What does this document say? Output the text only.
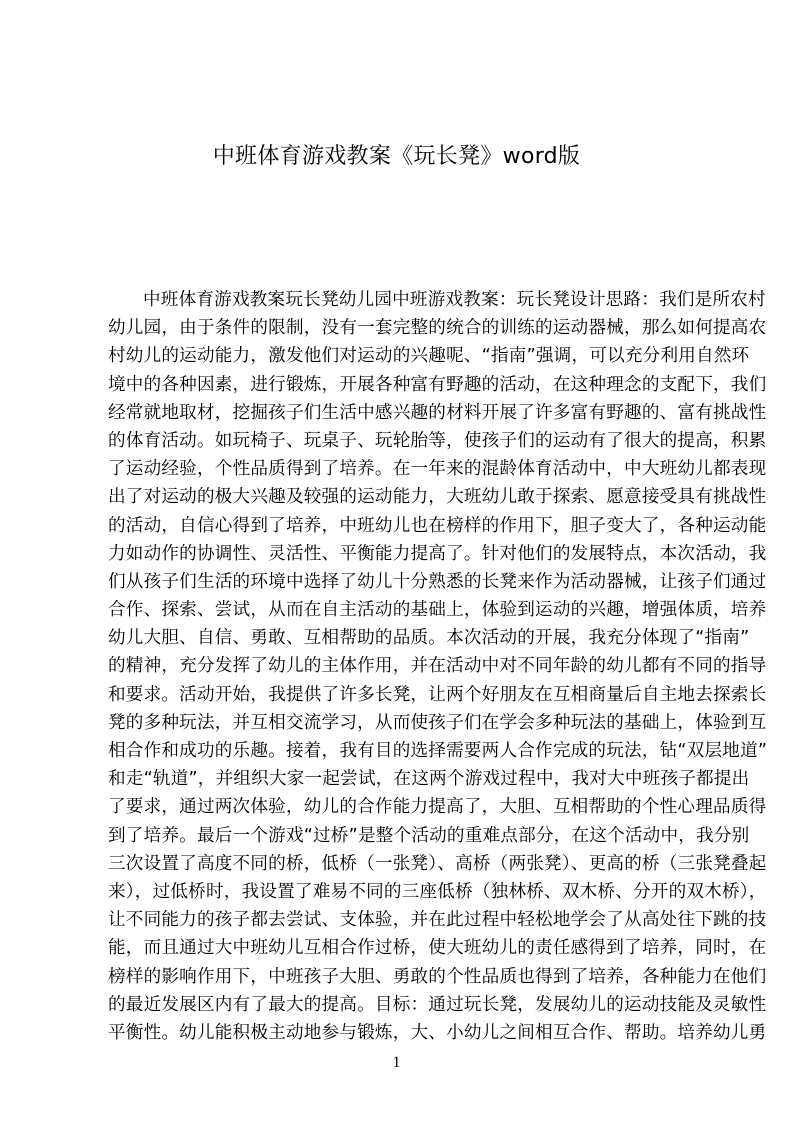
中班体育游戏教案《玩长凳》word版
中班体育游戏教案玩长凳幼儿园中班游戏教案：玩长凳设计思路：我们是所农村
幼儿园，由于条件的限制，没有一套完整的统合的训练的运动器械，那么如何提高农
村幼儿的运动能力，激发他们对运动的兴趣呢、“指南”强调，可以充分利用自然环
境中的各种因素，进行锻炼，开展各种富有野趣的活动，在这种理念的支配下，我们
经常就地取材，挖掘孩子们生活中感兴趣的材料开展了许多富有野趣的、富有挑战性
的体育活动。如玩椅子、玩桌子、玩轮胎等，使孩子们的运动有了很大的提高，积累
了运动经验，个性品质得到了培养。在一年来的混龄体育活动中，中大班幼儿都表现
出了对运动的极大兴趣及较强的运动能力，大班幼儿敢于探索、愿意接受具有挑战性
的活动，自信心得到了培养，中班幼儿也在榜样的作用下，胆子变大了，各种运动能
力如动作的协调性、灵活性、平衡能力提高了。针对他们的发展特点，本次活动，我
们从孩子们生活的环境中选择了幼儿十分熟悉的长凳来作为活动器械，让孩子们通过
合作、探索、尝试，从而在自主活动的基础上，体验到运动的兴趣，增强体质，培养
幼儿大胆、自信、勇敢、互相帮助的品质。本次活动的开展，我充分体现了“指南”
的精神，充分发挥了幼儿的主体作用，并在活动中对不同年龄的幼儿都有不同的指导
和要求。活动开始，我提供了许多长凳，让两个好朋友在互相商量后自主地去探索长
凳的多种玩法，并互相交流学习，从而使孩子们在学会多种玩法的基础上，体验到互
相合作和成功的乐趣。接着，我有目的选择需要两人合作完成的玩法，钻“双层地道”
和走“轨道”，并组织大家一起尝试，在这两个游戏过程中，我对大中班孩子都提出
了要求，通过两次体验，幼儿的合作能力提高了，大胆、互相帮助的个性心理品质得
到了培养。最后一个游戏“过桥”是整个活动的重难点部分，在这个活动中，我分别
三次设置了高度不同的桥，低桥（一张凳）、高桥（两张凳）、更高的桥（三张凳叠起
来），过低桥时，我设置了难易不同的三座低桥（独林桥、双木桥、分开的双木桥），
让不同能力的孩子都去尝试、支体验，并在此过程中轻松地学会了从高处往下跳的技
能，而且通过大中班幼儿互相合作过桥，使大班幼儿的责任感得到了培养，同时，在
榜样的影响作用下，中班孩子大胆、勇敢的个性品质也得到了培养，各种能力在他们
的最近发展区内有了最大的提高。目标：通过玩长凳，发展幼儿的运动技能及灵敏性
平衡性。幼儿能积极主动地参与锻炼，大、小幼儿之间相互合作、帮助。培养幼儿勇
1
